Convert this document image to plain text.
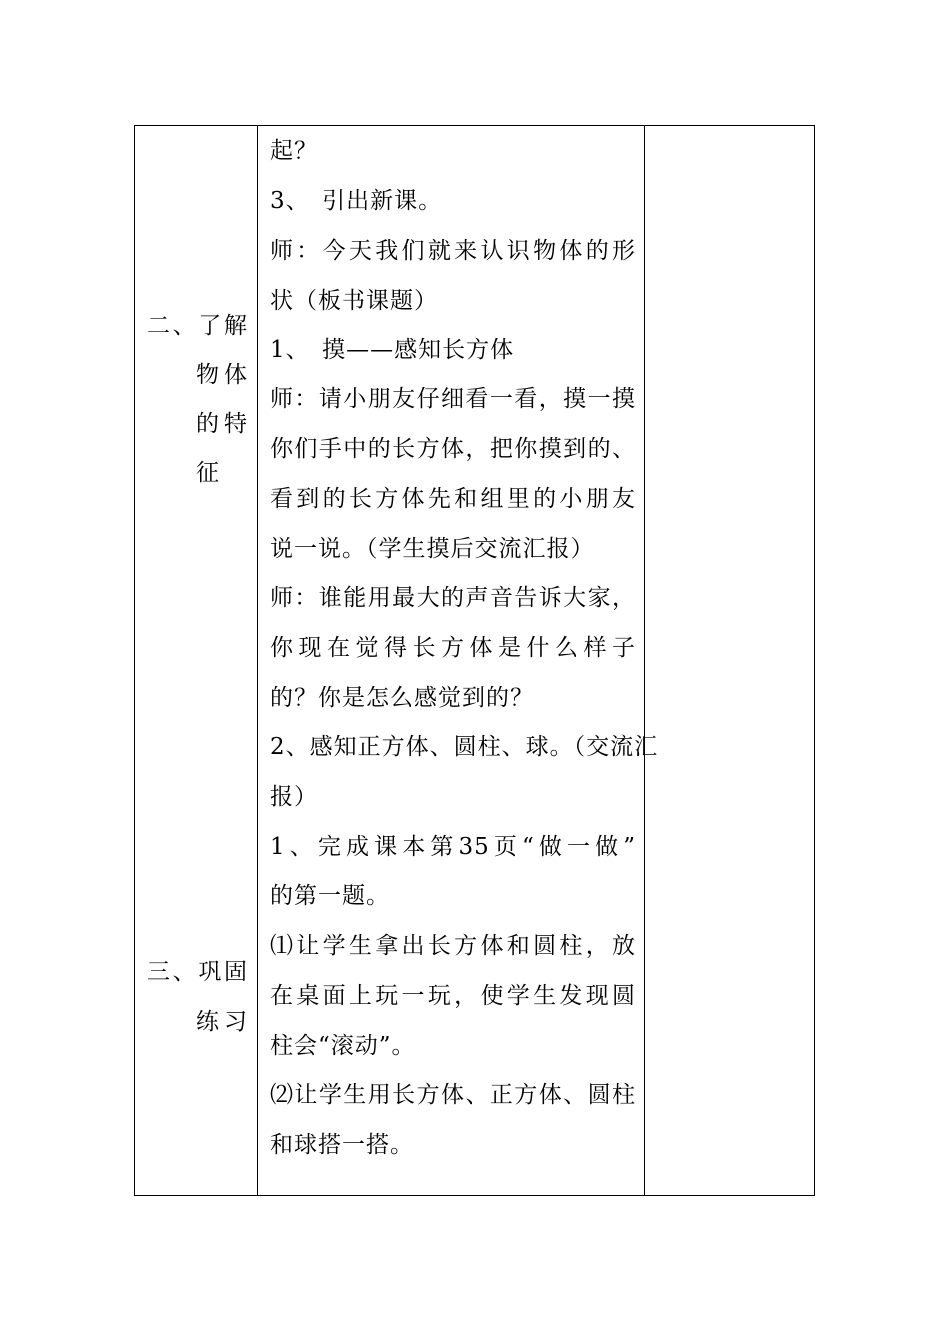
二、了解
物体
的特
征
三、巩固
练习
起？
3、　引出新课。
师：今天我们就来认识物体的形
状（板书课题）
1、　摸——感知长方体
师：请小朋友仔细看一看，摸一摸
你们手中的长方体，把你摸到的、
看到的长方体先和组里的小朋友
说一说。（学生摸后交流汇报）
师：谁能用最大的声音告诉大家，
你现在觉得长方体是什么样子
的？你是怎么感觉到的？
2、感知正方体、圆柱、球。（交流汇
报）
1、完成课本第35页“做一做”
的第一题。
⑴让学生拿出长方体和圆柱，放
在桌面上玩一玩，使学生发现圆
柱会“滚动”。
⑵让学生用长方体、正方体、圆柱
和球搭一搭。
